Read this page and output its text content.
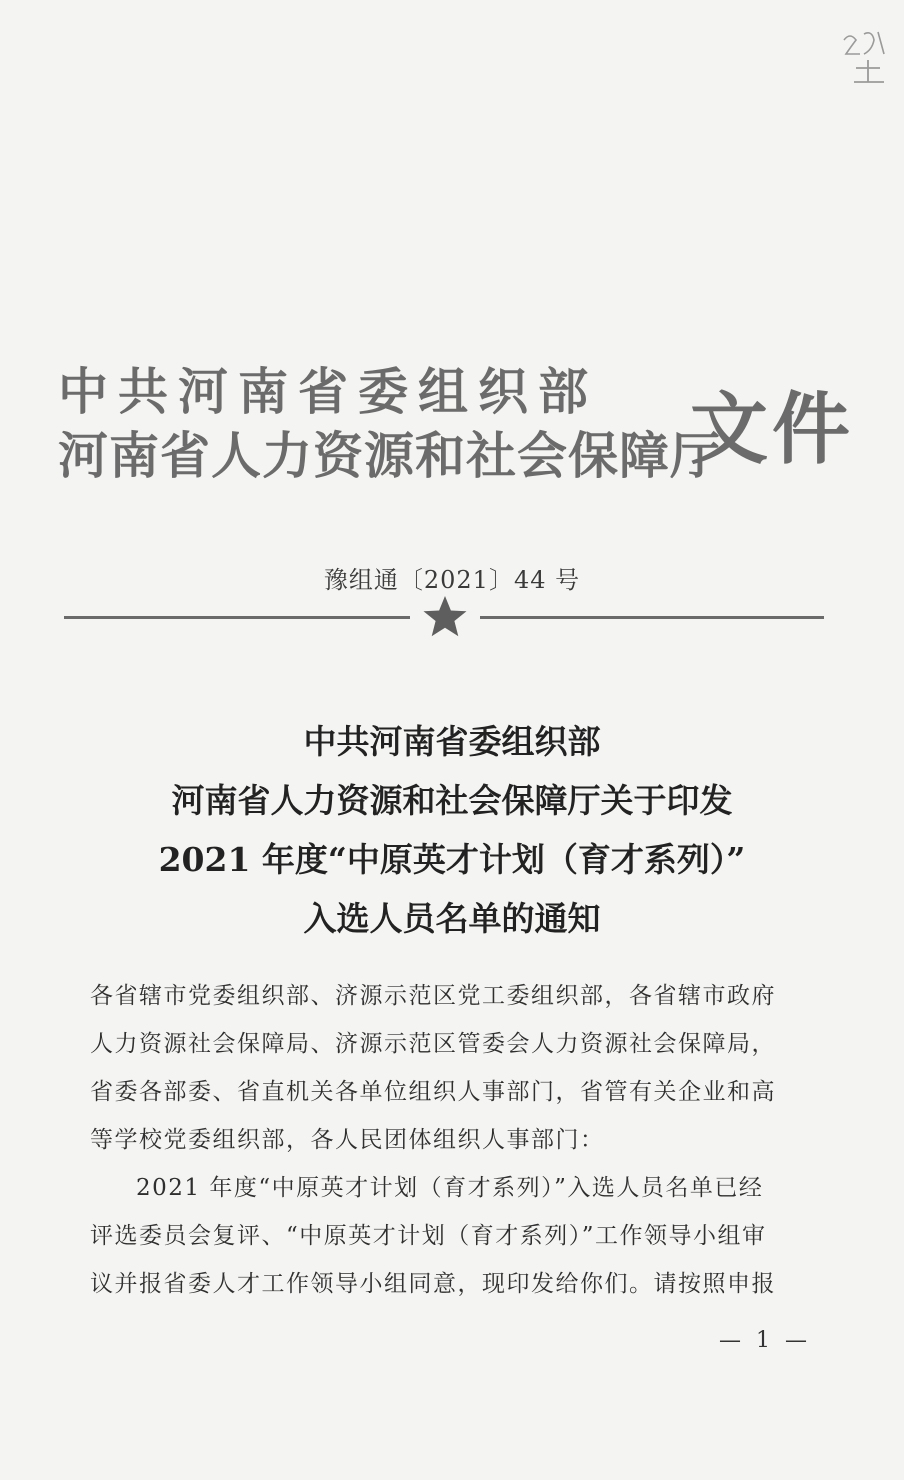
中共河南省委组织部
河南省人力资源和社会保障厅
文件
豫组通〔2021〕44 号
中共河南省委组织部
河南省人力资源和社会保障厅关于印发
2021 年度“中原英才计划（育才系列）”
入选人员名单的通知
各省辖市党委组织部、济源示范区党工委组织部，各省辖市政府
人力资源社会保障局、济源示范区管委会人力资源社会保障局，
省委各部委、省直机关各单位组织人事部门，省管有关企业和高
等学校党委组织部，各人民团体组织人事部门：
2021 年度“中原英才计划（育才系列）”入选人员名单已经
评选委员会复评、“中原英才计划（育才系列）”工作领导小组审
议并报省委人才工作领导小组同意，现印发给你们。请按照申报
— 1 —
